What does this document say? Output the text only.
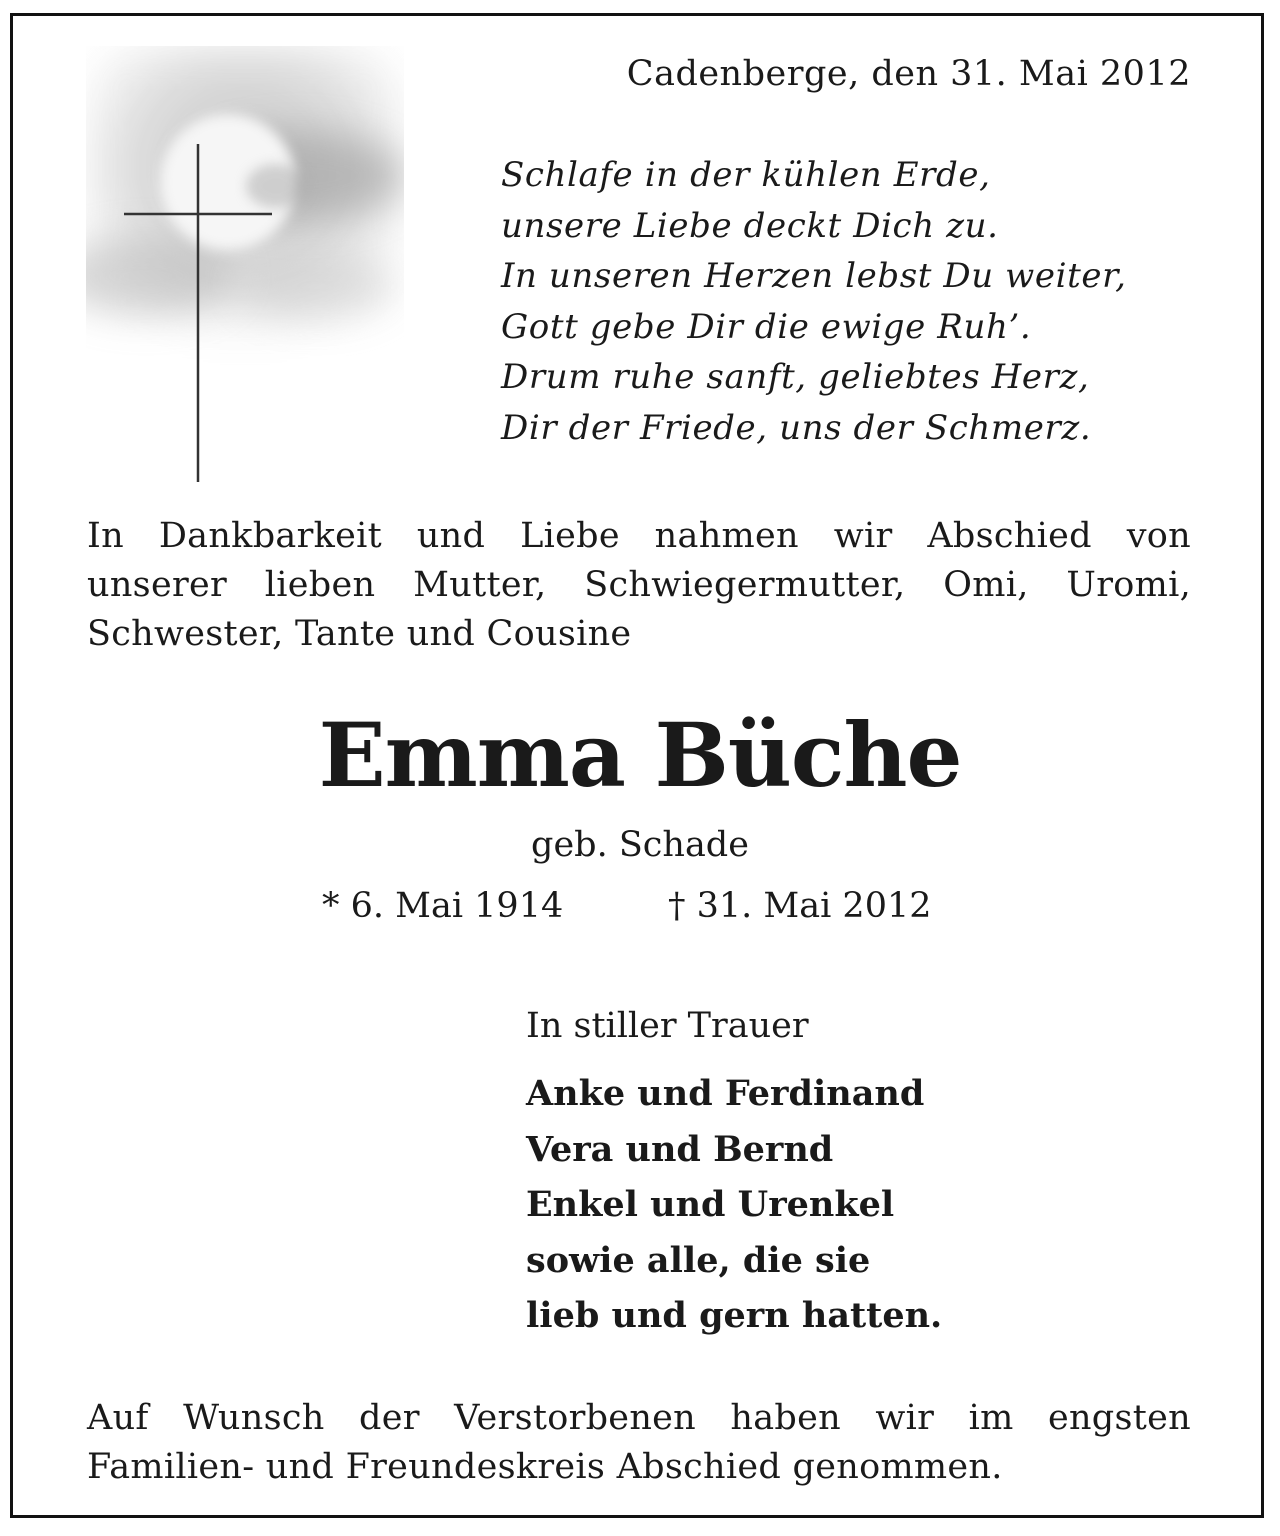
Cadenberge, den 31. Mai 2012
Schlafe in der kühlen Erde,
unsere Liebe deckt Dich zu.
In unseren Herzen lebst Du weiter,
Gott gebe Dir die ewige Ruh’.
Drum ruhe sanft, geliebtes Herz,
Dir der Friede, uns der Schmerz.
In Dankbarkeit und Liebe nahmen wir Abschied von
unserer lieben Mutter, Schwiegermutter, Omi, Uromi,
Schwester, Tante und Cousine
Emma Büche
geb. Schade
* 6. Mai 1914	† 31. Mai 2012
In stiller Trauer
Anke und Ferdinand
Vera und Bernd
Enkel und Urenkel
sowie alle, die sie
lieb und gern hatten.
Auf Wunsch der Verstorbenen haben wir im engsten
Familien- und Freundeskreis Abschied genommen.
